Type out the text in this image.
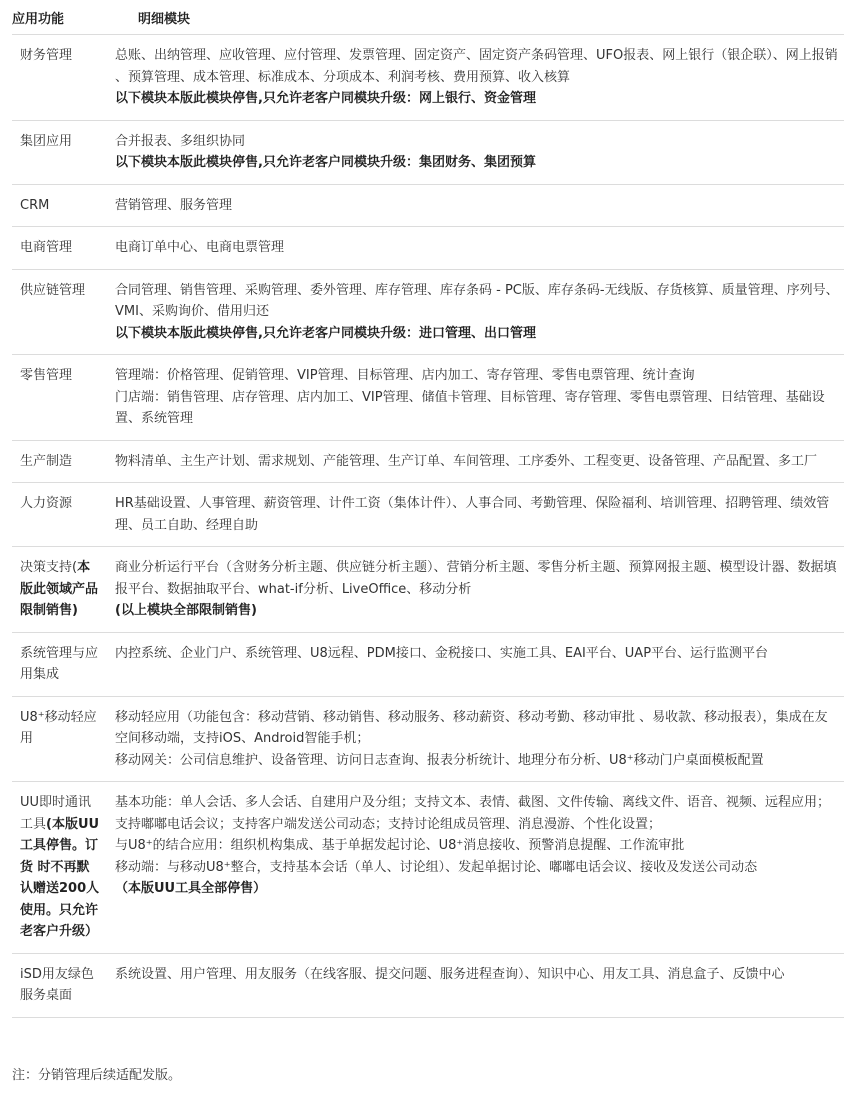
应用功能	明细模块
财务管理	总账、出纳管理、应收管理、应付管理、发票管理、固定资产、固定资产条码管理、UFO报表、网上银行（银企联）、网上报销 、预算管理、成本管理、标准成本、分项成本、利润考核、费用预算、收入核算
以下模块本版此模块停售,只允许老客户同模块升级：网上银行、资金管理

集团应用	合并报表、多组织协同
以下模块本版此模块停售,只允许老客户同模块升级：集团财务、集团预算

CRM	营销管理、服务管理

电商管理	电商订单中心、电商电票管理

供应链管理	合同管理、销售管理、采购管理、委外管理、库存管理、库存条码 - PC版、库存条码-无线版、存货核算、质量管理、序列号、VMI、采购询价、借用归还
以下模块本版此模块停售,只允许老客户同模块升级：进口管理、出口管理

零售管理	管理端：价格管理、促销管理、VIP管理、目标管理、店内加工、寄存管理、零售电票管理、统计查询
门店端：销售管理、店存管理、店内加工、VIP管理、储值卡管理、目标管理、寄存管理、零售电票管理、日结管理、基础设置、系统管理

生产制造	物料清单、主生产计划、需求规划、产能管理、生产订单、车间管理、工序委外、工程变更、设备管理、产品配置、多工厂

人力资源	HR基础设置、人事管理、薪资管理、计件工资（集体计件）、人事合同、考勤管理、保险福利、培训管理、招聘管理、绩效管理、员工自助、经理自助

决策支持(本版此领域产品限制销售)	商业分析运行平台（含财务分析主题、供应链分析主题）、营销分析主题、零售分析主题、预算网报主题、模型设计器、数据填报平台、数据抽取平台、what-if分析、LiveOffice、移动分析
(以上模块全部限制销售)

系统管理与应用集成	内控系统、企业门户、系统管理、U8远程、PDM接口、金税接口、实施工具、EAI平台、UAP平台、运行监测平台

U8⁺移动轻应用	移动轻应用（功能包含：移动营销、移动销售、移动服务、移动薪资、移动考勤、移动审批 、易收款、移动报表），集成在友空间移动端，支持iOS、Android智能手机；
移动网关：公司信息维护、设备管理、访问日志查询、报表分析统计、地理分布分析、U8⁺移动门户桌面模板配置

UU即时通讯工具(本版UU工具停售。订货 时不再默认赠送200人使用。只允许老客户升级）	基本功能：单人会话、多人会话、自建用户及分组；支持文本、表情、截图、文件传输、离线文件、语音、视频、远程应用；支持嘟嘟电话会议；支持客户端发送公司动态；支持讨论组成员管理、消息漫游、个性化设置；
与U8⁺的结合应用：组织机构集成、基于单据发起讨论、U8⁺消息接收、预警消息提醒、工作流审批
移动端：与移动U8⁺整合，支持基本会话（单人、讨论组）、发起单据讨论、嘟嘟电话会议、接收及发送公司动态
（本版UU工具全部停售）

iSD用友绿色服务桌面	系统设置、用户管理、用友服务（在线客服、提交问题、服务进程查询）、知识中心、用友工具、消息盒子、反馈中心
注：分销管理后续适配发版。
